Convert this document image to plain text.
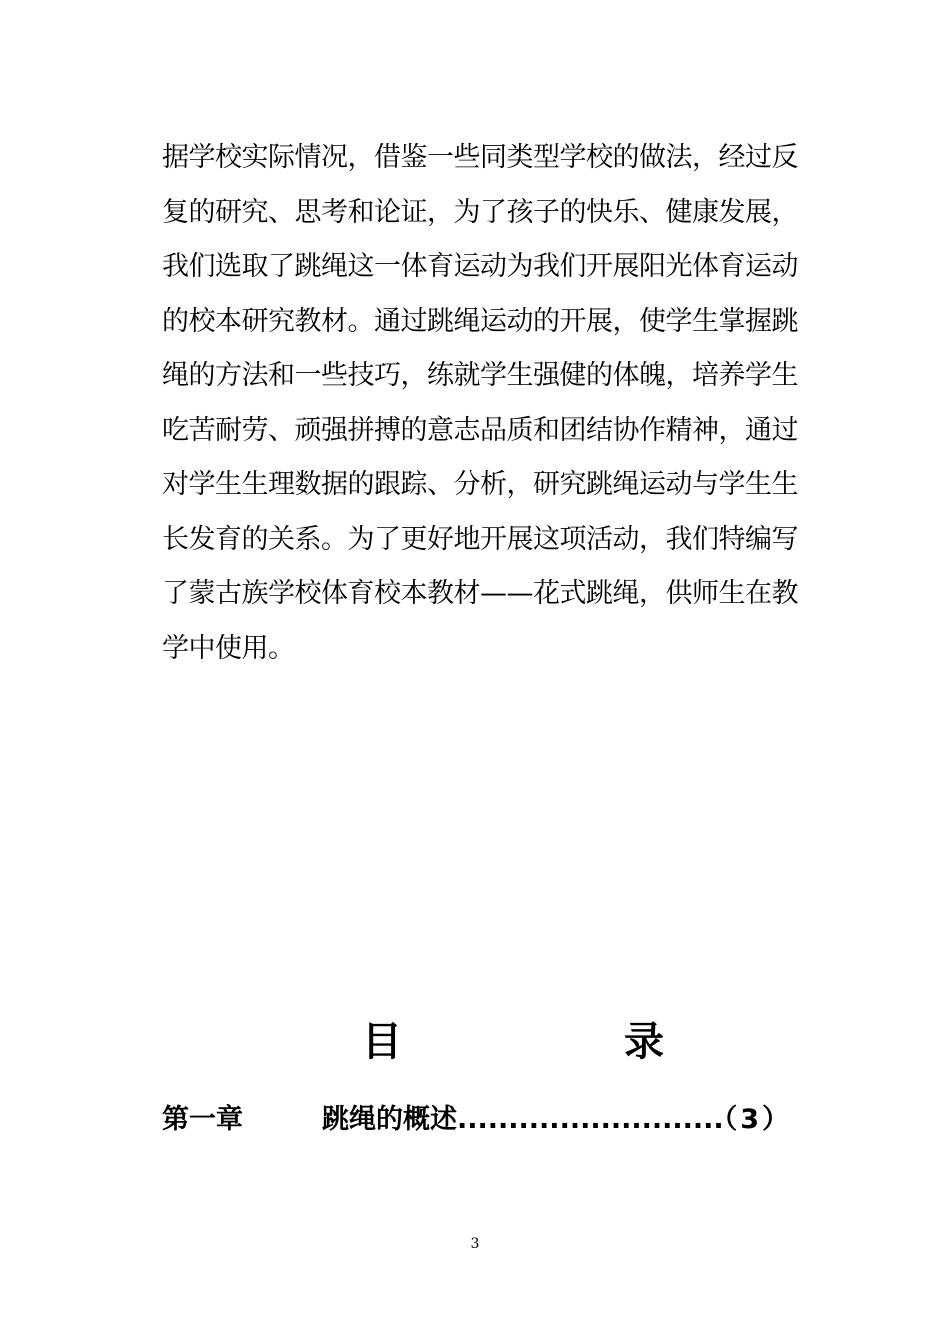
据学校实际情况，借鉴一些同类型学校的做法，经过反
复的研究、思考和论证，为了孩子的快乐、健康发展，
我们选取了跳绳这一体育运动为我们开展阳光体育运动
的校本研究教材。通过跳绳运动的开展，使学生掌握跳
绳的方法和一些技巧，练就学生强健的体魄，培养学生
吃苦耐劳、顽强拼搏的意志品质和团结协作精神，通过
对学生生理数据的跟踪、分析，研究跳绳运动与学生生
长发育的关系。为了更好地开展这项活动，我们特编写
了蒙古族学校体育校本教材——花式跳绳，供师生在教
学中使用。
目	录
第一章	跳绳的概述..........................
（3）
3
